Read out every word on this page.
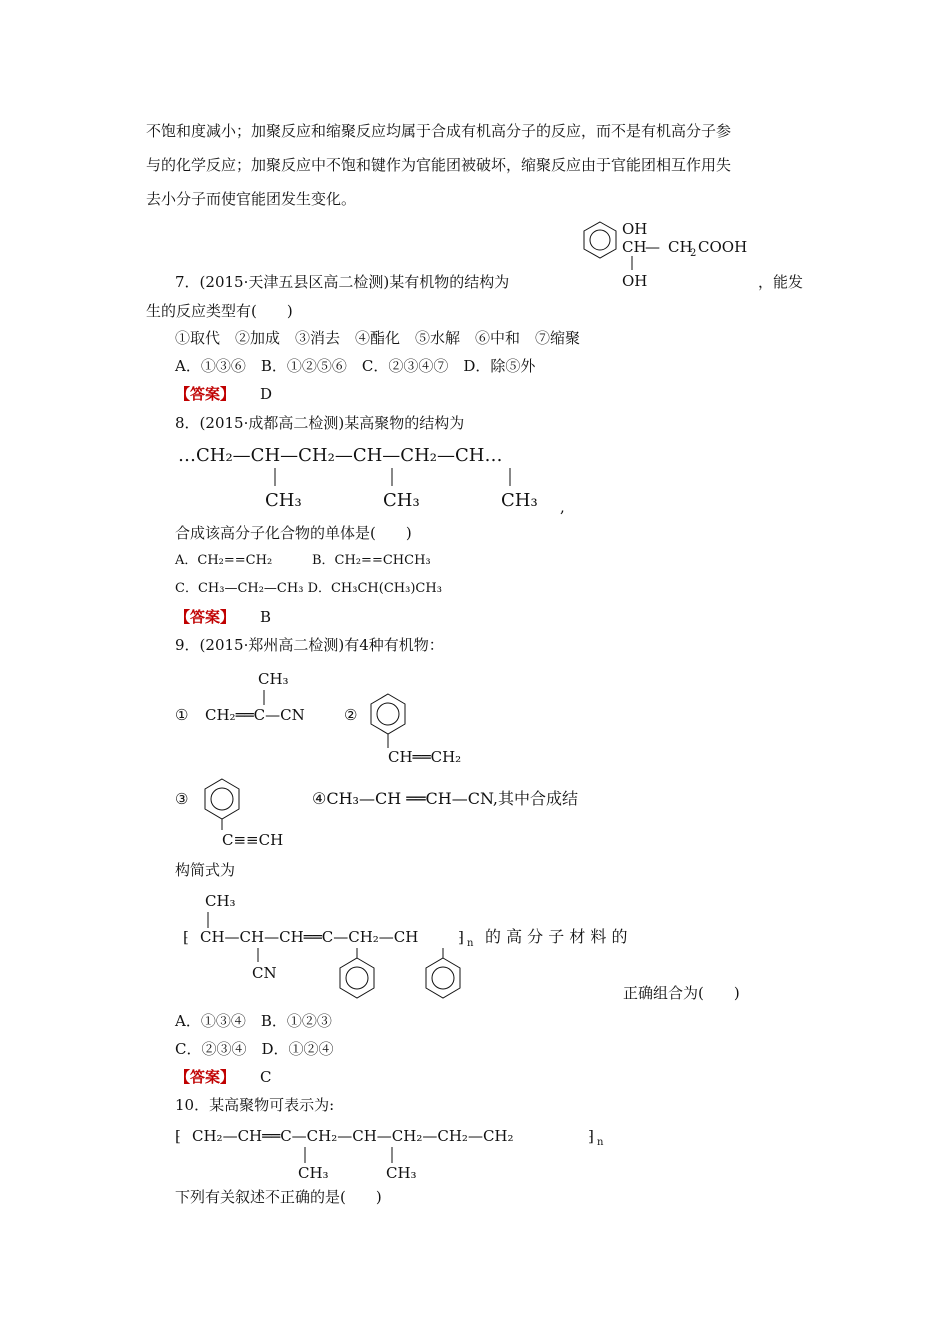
不饱和度减小；加聚反应和缩聚反应均属于合成有机高分子的反应，而不是有机高分子参
与的化学反应；加聚反应中不饱和键作为官能团被破坏，缩聚反应由于官能团相互作用失
去小分子而使官能团发生变化。
7．(2015·天津五县区高二检测)某有机物的结构为	，能发
生的反应类型有(　　)
①取代　②加成　③消去　④酯化　⑤水解　⑥中和　⑦缩聚
A．①③⑥　B．①②⑤⑥　C．②③④⑦　D．除⑤外
【答案】 D
OH
CH
— CH
2 COOH
OH
8．(2015·成都高二检测)某高聚物的结构为
…CH₂—CH—CH₂—CH—CH₂—CH…
CH₃	CH₃	CH₃ ,
合成该高分子化合物的单体是(　　)
A．CH₂==CH₂	B．CH₂==CHCH₃
C．CH₃—CH₂—CH₃ D．CH₃CH(CH₃)CH₃
【答案】 B
9．(2015·郑州高二检测)有4种有机物：
①
CH₃
CH₂══C—CN	②
CH══CH₂
③
C≡≡CH
④CH₃—CH ══CH—CN,其中合成结
CH₃
⁅ CH—CH—CH══C—CH₂—CH	⁆ n 的 高 分 子 材 料 的
CN
构简式为
正确组合为(　　)
A．①③④　B．①②③
C．②③④　D．①②④
【答案】 C
10．某高聚物可表示为:
⁅ CH₂—CH══C—CH₂—CH—CH₂—CH₂—CH₂	⁆ n
CH₃	CH₃
下列有关叙述不正确的是(　　)
